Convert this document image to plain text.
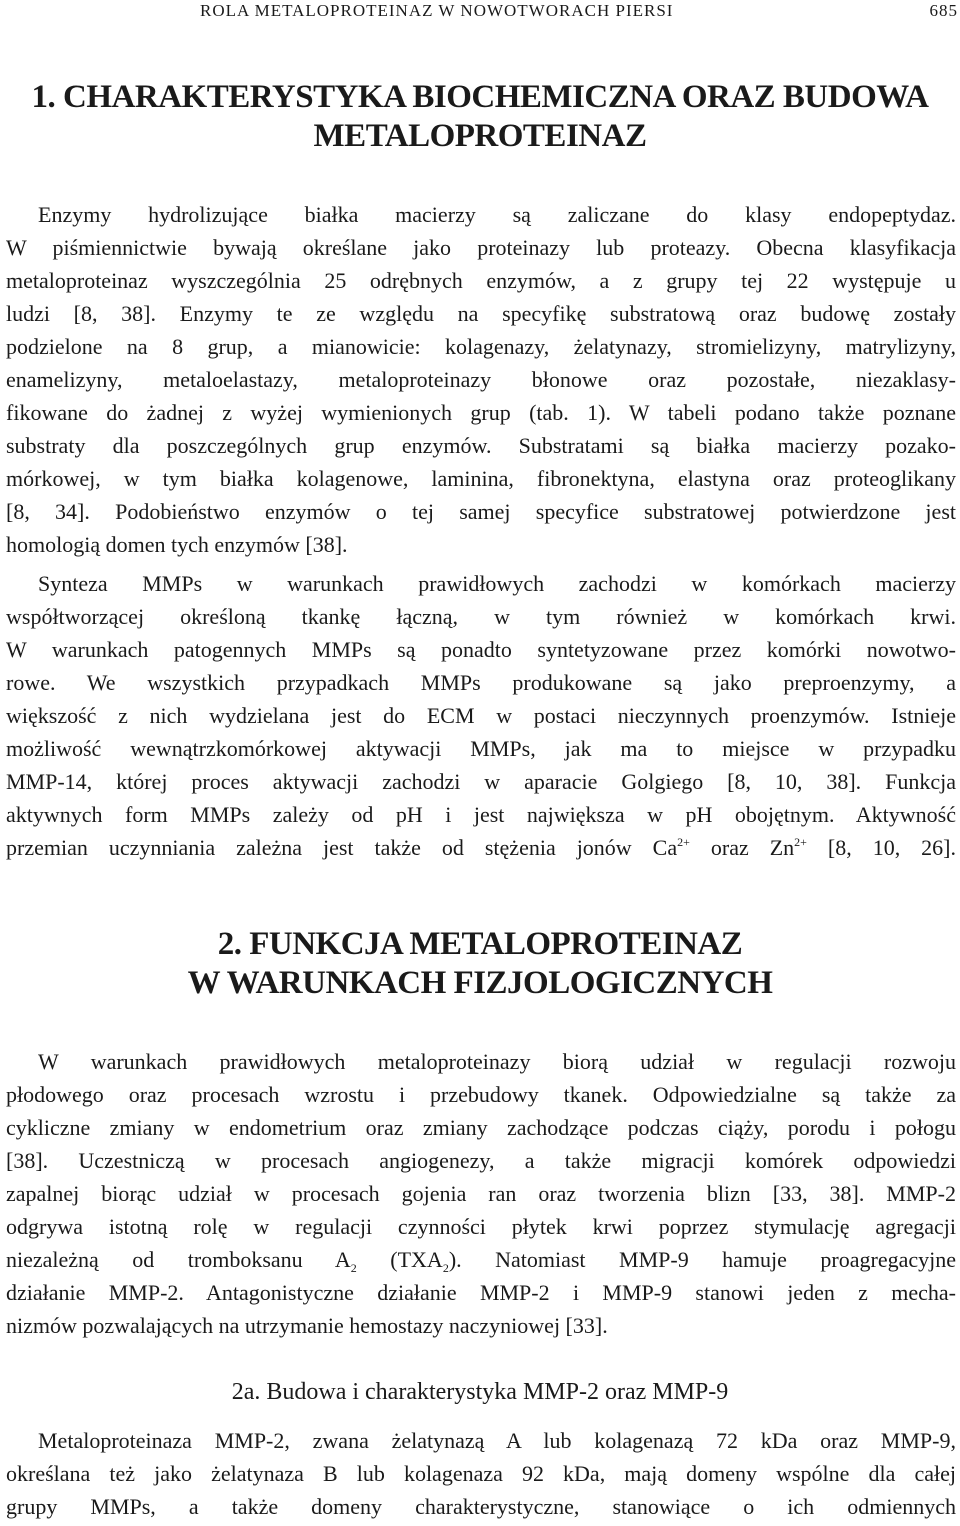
ROLA METALOPROTEINAZ W NOWOTWORACH PIERSI	685
1. CHARAKTERYSTYKA BIOCHEMICZNA ORAZ BUDOWA
METALOPROTEINAZ
Enzymy hydrolizujące białka macierzy są zaliczane do klasy endopeptydaz.
W piśmiennictwie bywają określane jako proteinazy lub proteazy. Obecna klasyfikacja
metaloproteinaz wyszczególnia 25 odrębnych enzymów, a z grupy tej 22 występuje u
ludzi [8, 38]. Enzymy te ze względu na specyfikę substratową oraz budowę zostały
podzielone na 8 grup, a mianowicie: kolagenazy, żelatynazy, stromielizyny, matrylizyny,
enamelizyny, metaloelastazy, metaloproteinazy błonowe oraz pozostałe, niezaklasy-
fikowane do żadnej z wyżej wymienionych grup (tab. 1). W tabeli podano także poznane
substraty dla poszczególnych grup enzymów. Substratami są białka macierzy pozako-
mórkowej, w tym białka kolagenowe, laminina, fibronektyna, elastyna oraz proteoglikany
[8, 34]. Podobieństwo enzymów o tej samej specyfice substratowej potwierdzone jest
homologią domen tych enzymów [38].
Synteza MMPs w warunkach prawidłowych zachodzi w komórkach macierzy
współtworzącej określoną tkankę łączną, w tym również w komórkach krwi.
W warunkach patogennych MMPs są ponadto syntetyzowane przez komórki nowotwo-
rowe. We wszystkich przypadkach MMPs produkowane są jako preproenzymy, a
większość z nich wydzielana jest do ECM w postaci nieczynnych proenzymów. Istnieje
możliwość wewnątrzkomórkowej aktywacji MMPs, jak ma to miejsce w przypadku
MMP-14, której proces aktywacji zachodzi w aparacie Golgiego [8, 10, 38]. Funkcja
aktywnych form MMPs zależy od pH i jest największa w pH obojętnym. Aktywność
przemian uczynniania zależna jest także od stężenia jonów $Ca^{2+}$ oraz $Zn^{2+}$ [8, 10, 26].
2. FUNKCJA METALOPROTEINAZ
W WARUNKACH FIZJOLOGICZNYCH
W warunkach prawidłowych metaloproteinazy biorą udział w regulacji rozwoju
płodowego oraz procesach wzrostu i przebudowy tkanek. Odpowiedzialne są także za
cykliczne zmiany w endometrium oraz zmiany zachodzące podczas ciąży, porodu i połogu
[38]. Uczestniczą w procesach angiogenezy, a także migracji komórek odpowiedzi
zapalnej biorąc udział w procesach gojenia ran oraz tworzenia blizn [33, 38]. MMP-2
odgrywa istotną rolę w regulacji czynności płytek krwi poprzez stymulację agregacji
niezależną od tromboksanu $A_2$ $(TXA_2)$. Natomiast MMP-9 hamuje proagregacyjne
działanie MMP-2. Antagonistyczne działanie MMP-2 i MMP-9 stanowi jeden z mecha-
nizmów pozwalających na utrzymanie hemostazy naczyniowej [33].
2a. Budowa i charakterystyka MMP-2 oraz MMP-9
Metaloproteinaza MMP-2, zwana żelatynazą A lub kolagenazą 72 kDa oraz MMP-9,
określana też jako żelatynaza B lub kolagenaza 92 kDa, mają domeny wspólne dla całej
grupy MMPs, a także domeny charakterystyczne, stanowiące o ich odmiennych
